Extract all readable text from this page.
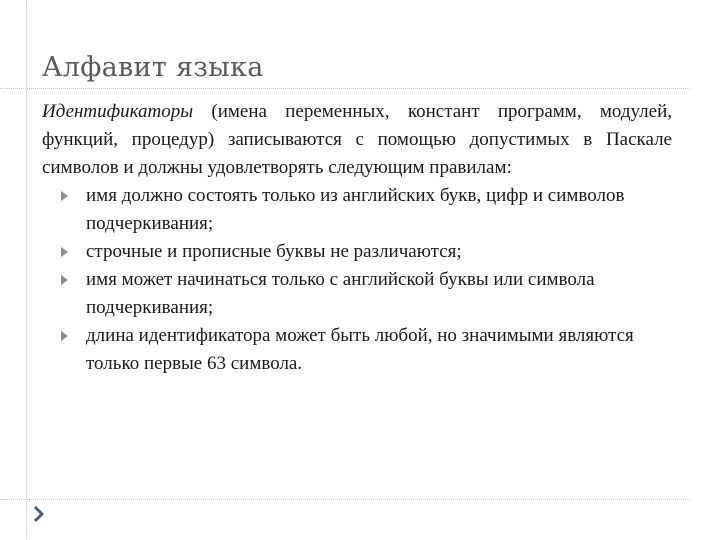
Алфавит языка

Идентификаторы (имена переменных, констант программ, модулей, функций, процедур) записываются с помощью допустимых в Паскале символов и должны удовлетворять следующим правилам:

имя должно состоять только из английских букв, цифр и символов подчеркивания;
строчные и прописные буквы не различаются;
имя может начинаться только с английской буквы или символа подчеркивания;
длина идентификатора может быть любой, но значимыми являются только первые 63 символа.
